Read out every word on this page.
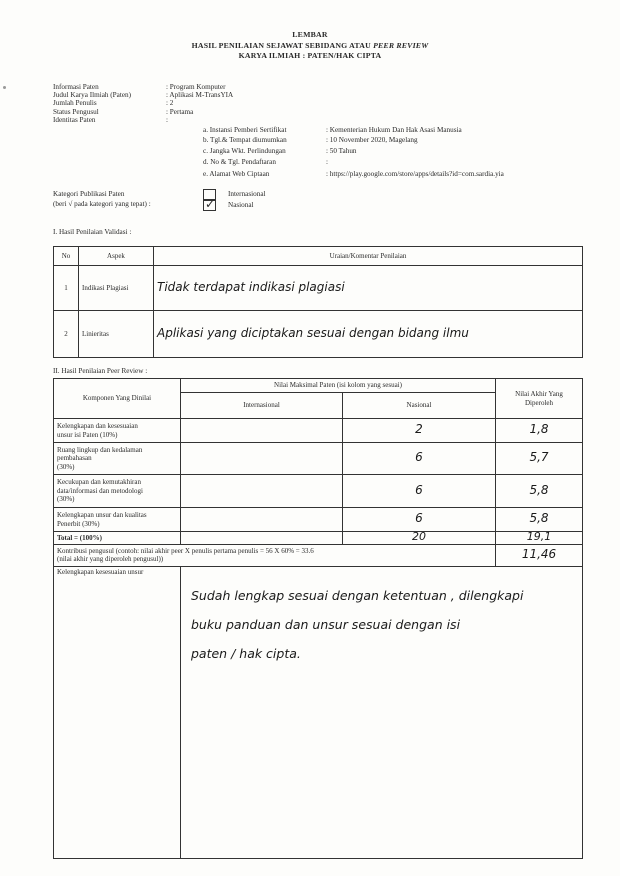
LEMBAR
HASIL PENILAIAN SEJAWAT SEBIDANG ATAU PEER REVIEW
KARYA ILMIAH : PATEN/HAK CIPTA
Informasi Paten	: Program Komputer
Judul Karya Ilmiah (Paten)	: Aplikasi M-TransYIA
Jumlah Penulis	: 2
Status Pengusul	: Pertama
Identitas Paten	:
a. Instansi Pemberi Sertifikat	: Kementerian Hukum Dan Hak Asasi Manusia
b. Tgl.& Tempat diumumkan	: 10 November 2020, Magelang
c. Jangka Wkt. Perlindungan	: 50 Tahun
d. No & Tgl. Pendaftaran	:
e. Alamat Web Ciptaan	: https://play.google.com/store/apps/details?id=com.sardia.yia
Kategori Publikasi Paten
(beri √ pada kategori yang tepat) :
Internasional
✓ Nasional
I. Hasil Penilaian Validasi :
No	Aspek	Uraian/Komentar Penilaian
1	Indikasi Plagiasi	Tidak terdapat indikasi plagiasi
2	Linieritas	Aplikasi yang diciptakan sesuai dengan bidang ilmu
II. Hasil Penilaian Peer Review :
Komponen Yang Dinilai	Nilai Maksimal Paten (isi kolom yang sesuai)		Nilai Akhir Yang
Diperoleh

	Internasional	Nasional	

Kelengkapan dan kesesuaian
unsur isi Paten (10%)		2	1,8

Ruang lingkup dan kedalaman
pembahasan
(30%)		6	5,7

Kecukupan dan kemutakhiran
data/informasi dan metodologi
(30%)		6	5,8

Kelengkapan unsur dan kualitas
Penerbit (30%)		6	5,8
Total = (100%)		20	19,1

Kontribusi pengusul (contoh: nilai akhir peer X penulis pertama penulis = 56 X 60% = 33.6
(nilai akhir yang diperoleh pengusul))			11,46
Kelengkapan kesesuaian unsur	Sudah lengkap sesuai dengan ketentuan , dilengkapi
buku panduan dan unsur sesuai dengan isi
paten / hak cipta.		
